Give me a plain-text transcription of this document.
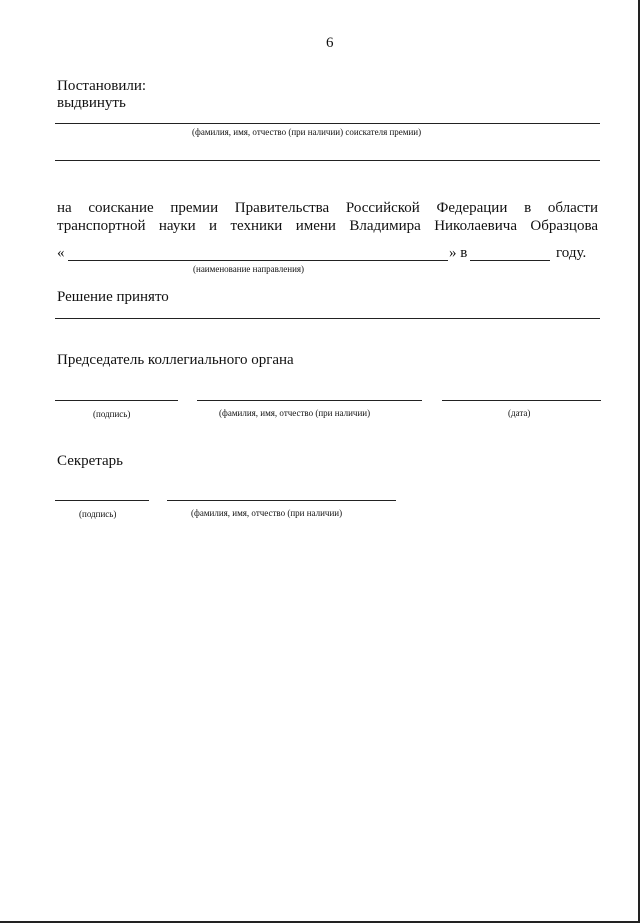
6
Постановили:
выдвинуть
(фамилия, имя, отчество (при наличии) соискателя премии)
на соискание премии Правительства Российской Федерации в области
транспортной науки и техники имени Владимира Николаевича Образцова
«	» в	году.
(наименование направления)
Решение принято
Председатель коллегиального органа
(подпись)	(фамилия, имя, отчество (при наличии)	(дата)
Секретарь
(подпись)	(фамилия, имя, отчество (при наличии)
